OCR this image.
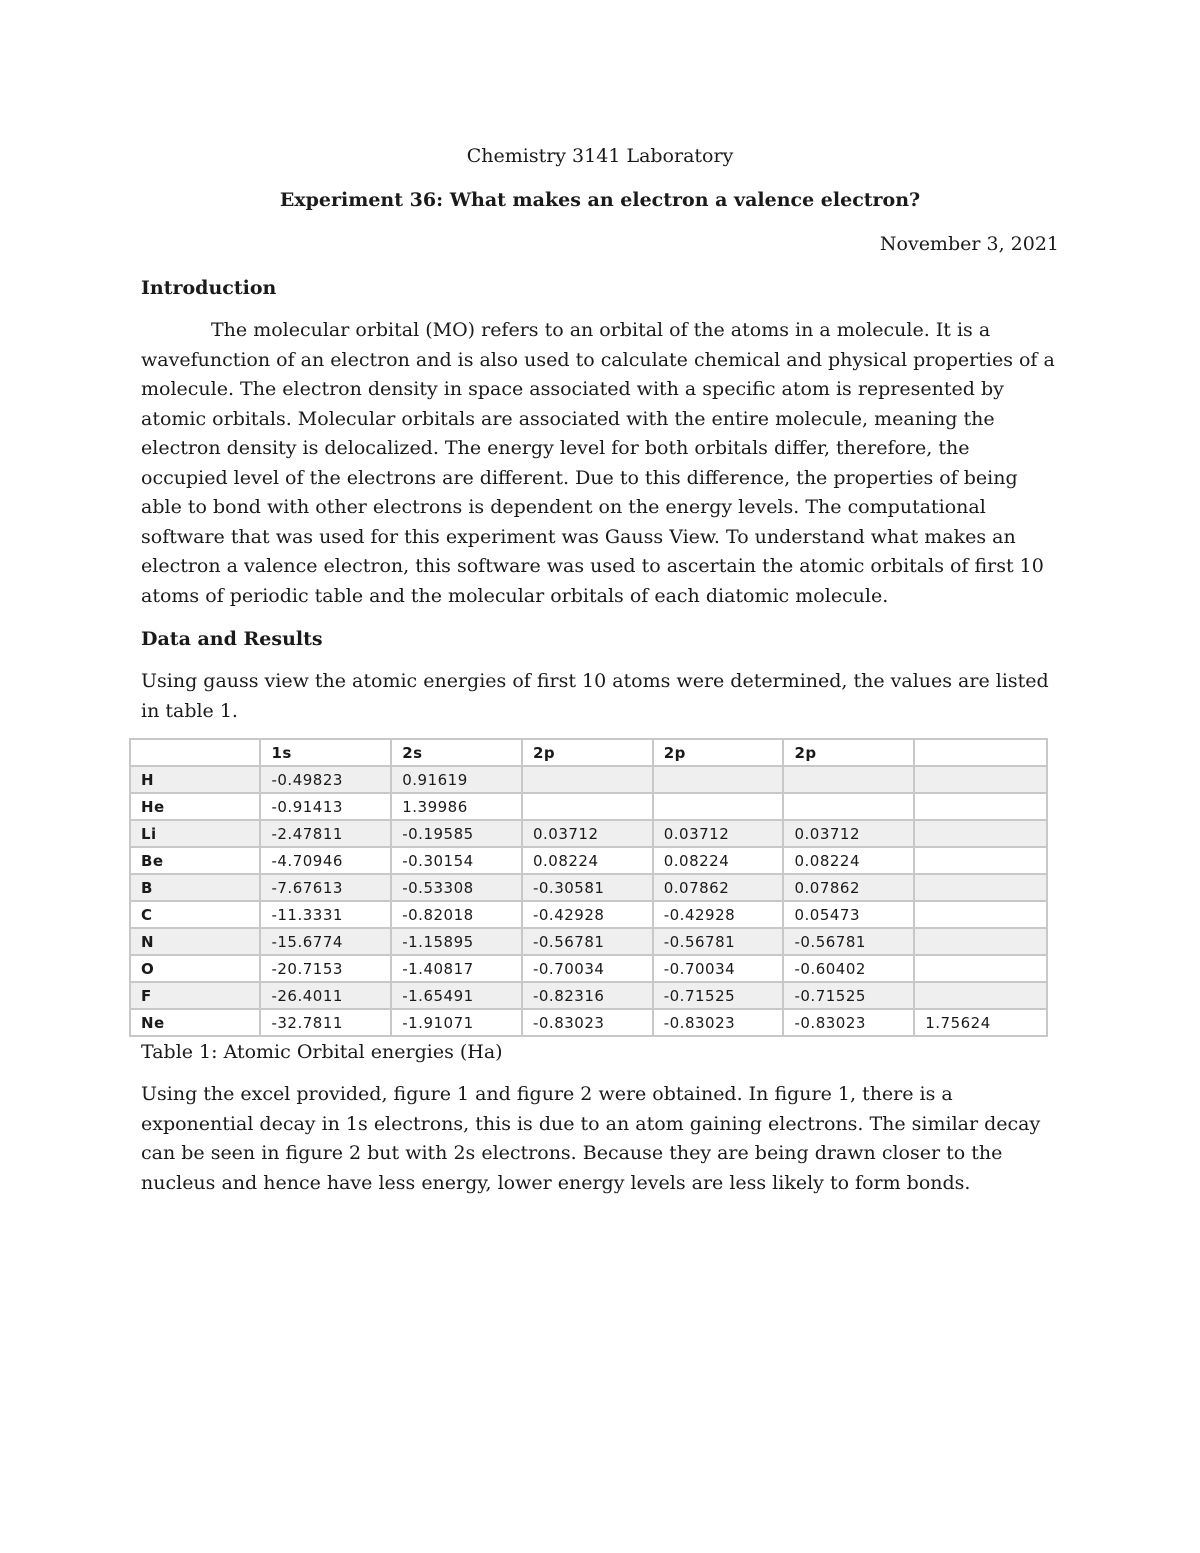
Chemistry 3141 Laboratory

Experiment 36: What makes an electron a valence electron?

November 3, 2021

Introduction

The molecular orbital (MO) refers to an orbital of the atoms in a molecule. It is a wavefunction of an electron and is also used to calculate chemical and physical properties of a molecule. The electron density in space associated with a specific atom is represented by atomic orbitals. Molecular orbitals are associated with the entire molecule, meaning the electron density is delocalized. The energy level for both orbitals differ, therefore, the occupied level of the electrons are different. Due to this difference, the properties of being able to bond with other electrons is dependent on the energy levels. The computational software that was used for this experiment was Gauss View. To understand what makes an electron a valence electron, this software was used to ascertain the atomic orbitals of first 10 atoms of periodic table and the molecular orbitals of each diatomic molecule.

Data and Results

Using gauss view the atomic energies of first 10 atoms were determined, the values are listed in table 1.

	1s	2s	2p	2p	2p	
H	-0.49823	0.91619				
He	-0.91413	1.39986				
Li	-2.47811	-0.19585	0.03712	0.03712	0.03712	
Be	-4.70946	-0.30154	0.08224	0.08224	0.08224	
B	-7.67613	-0.53308	-0.30581	0.07862	0.07862	
C	-11.3331	-0.82018	-0.42928	-0.42928	0.05473	
N	-15.6774	-1.15895	-0.56781	-0.56781	-0.56781	
O	-20.7153	-1.40817	-0.70034	-0.70034	-0.60402	
F	-26.4011	-1.65491	-0.82316	-0.71525	-0.71525	
Ne	-32.7811	-1.91071	-0.83023	-0.83023	-0.83023	1.75624

Table 1: Atomic Orbital energies (Ha)

Using the excel provided, figure 1 and figure 2 were obtained. In figure 1, there is a exponential decay in 1s electrons, this is due to an atom gaining electrons. The similar decay can be seen in figure 2 but with 2s electrons. Because they are being drawn closer to the nucleus and hence have less energy, lower energy levels are less likely to form bonds.
